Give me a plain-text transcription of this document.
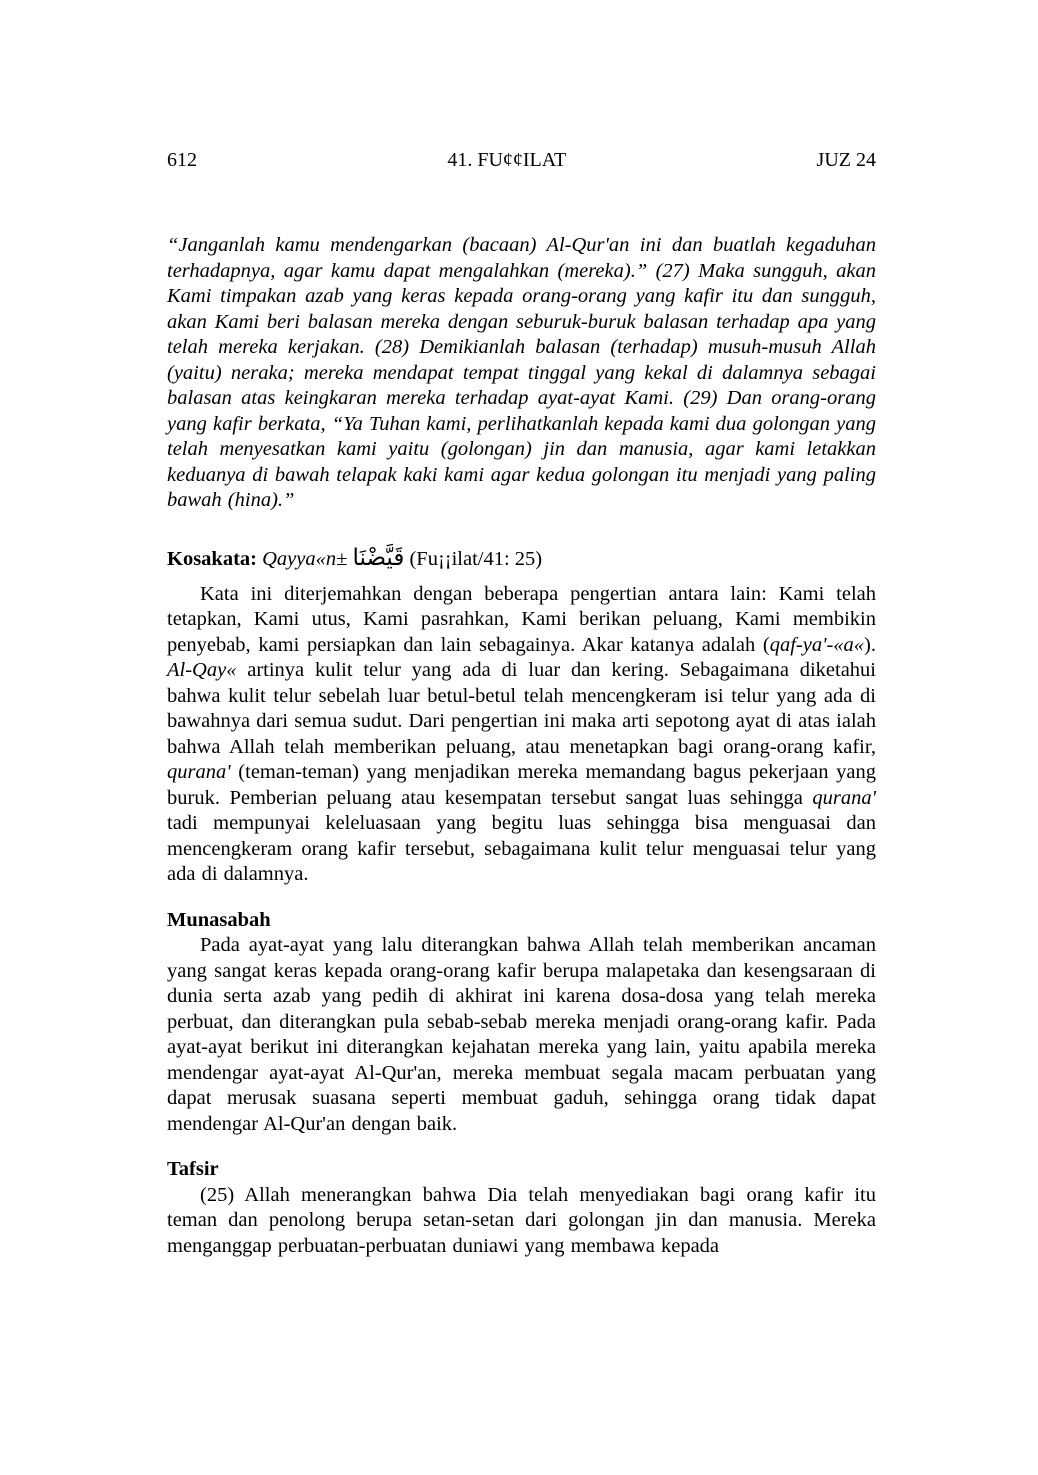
612	41. FU¢¢ILAT	JUZ 24

“Janganlah kamu mendengarkan (bacaan) Al-Qur'an ini dan buatlah kegaduhan terhadapnya, agar kamu dapat mengalahkan (mereka).” (27) Maka sungguh, akan Kami timpakan azab yang keras kepada orang-orang yang kafir itu dan sungguh, akan Kami beri balasan mereka dengan seburuk-buruk balasan terhadap apa yang telah mereka kerjakan. (28) Demikianlah balasan (terhadap) musuh-musuh Allah (yaitu) neraka; mereka mendapat tempat tinggal yang kekal di dalamnya sebagai balasan atas keingkaran mereka terhadap ayat-ayat Kami. (29) Dan orang-orang yang kafir berkata, “Ya Tuhan kami, perlihatkanlah kepada kami dua golongan yang telah menyesatkan kami yaitu (golongan) jin dan manusia, agar kami letakkan keduanya di bawah telapak kaki kami agar kedua golongan itu menjadi yang paling bawah (hina).”

Kosakata: Qayya«n± قَيَّضْنَا (Fu¡¡ilat/41: 25)

Kata ini diterjemahkan dengan beberapa pengertian antara lain: Kami telah tetapkan, Kami utus, Kami pasrahkan, Kami berikan peluang, Kami membikin penyebab, kami persiapkan dan lain sebagainya. Akar katanya adalah (qaf-ya'-«a«). Al-Qay« artinya kulit telur yang ada di luar dan kering. Sebagaimana diketahui bahwa kulit telur sebelah luar betul-betul telah mencengkeram isi telur yang ada di bawahnya dari semua sudut. Dari pengertian ini maka arti sepotong ayat di atas ialah bahwa Allah telah memberikan peluang, atau menetapkan bagi orang-orang kafir, qurana' (teman-teman) yang menjadikan mereka memandang bagus pekerjaan yang buruk. Pemberian peluang atau kesempatan tersebut sangat luas sehingga qurana' tadi mempunyai keleluasaan yang begitu luas sehingga bisa menguasai dan mencengkeram orang kafir tersebut, sebagaimana kulit telur menguasai telur yang ada di dalamnya.

Munasabah

Pada ayat-ayat yang lalu diterangkan bahwa Allah telah memberikan ancaman yang sangat keras kepada orang-orang kafir berupa malapetaka dan kesengsaraan di dunia serta azab yang pedih di akhirat ini karena dosa-dosa yang telah mereka perbuat, dan diterangkan pula sebab-sebab mereka menjadi orang-orang kafir. Pada ayat-ayat berikut ini diterangkan kejahatan mereka yang lain, yaitu apabila mereka mendengar ayat-ayat Al-Qur'an, mereka membuat segala macam perbuatan yang dapat merusak suasana seperti membuat gaduh, sehingga orang tidak dapat mendengar Al-Qur'an dengan baik.

Tafsir

(25) Allah menerangkan bahwa Dia telah menyediakan bagi orang kafir itu teman dan penolong berupa setan-setan dari golongan jin dan manusia. Mereka menganggap perbuatan-perbuatan duniawi yang membawa kepada
